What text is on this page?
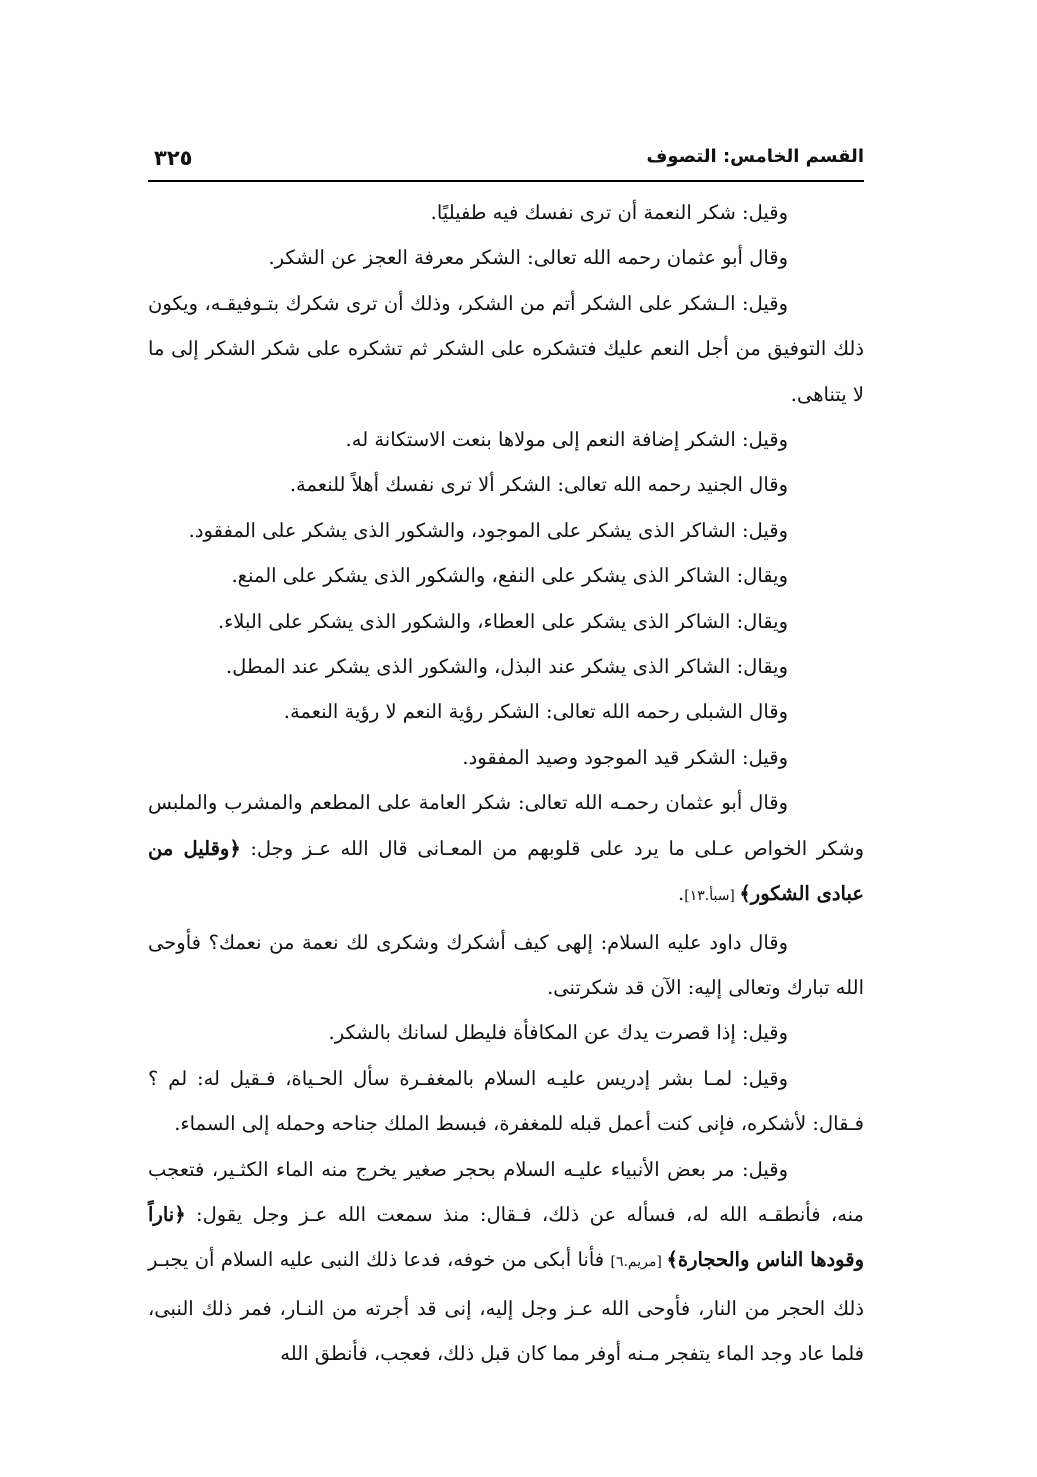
القسم الخامس: التصوف
٣٢٥

وقيل: شكر النعمة أن ترى نفسك فيه طفيليًا.

وقال أبو عثمان رحمه الله تعالى: الشكر معرفة العجز عن الشكر.

وقيل: الـشكر على الشكر أتم من الشكر، وذلك أن ترى شكرك بتـوفيقـه، ويكون ذلك التوفيق من أجل النعم عليك فتشكره على الشكر ثم تشكره على شكر الشكر إلى ما لا يتناهى.

وقيل: الشكر إضافة النعم إلى مولاها بنعت الاستكانة له.

وقال الجنيد رحمه الله تعالى: الشكر ألا ترى نفسك أهلاً للنعمة.

وقيل: الشاكر الذى يشكر على الموجود، والشكور الذى يشكر على المفقود.

ويقال: الشاكر الذى يشكر على النفع، والشكور الذى يشكر على المنع.

ويقال: الشاكر الذى يشكر على العطاء، والشكور الذى يشكر على البلاء.

ويقال: الشاكر الذى يشكر عند البذل، والشكور الذى يشكر عند المطل.

وقال الشبلى رحمه الله تعالى: الشكر رؤية النعم لا رؤية النعمة.

وقيل: الشكر قيد الموجود وصيد المفقود.

وقال أبو عثمان رحمـه الله تعالى: شكر العامة على المطعم والمشرب والملبس وشكر الخواص عـلى ما يرد على قلوبهم من المعـانى قال الله عـز وجل: ﴿وقليل من عبادى الشكور﴾ [سبأ.١٣].

وقال داود عليه السلام: إلهى كيف أشكرك وشكرى لك نعمة من نعمك؟ فأوحى الله تبارك وتعالى إليه: الآن قد شكرتنى.

وقيل: إذا قصرت يدك عن المكافأة فليطل لسانك بالشكر.

وقيل: لمـا بشر إدريس عليـه السلام بالمغفـرة سأل الحـياة، فـقيل له: لم ؟ فـقال: لأشكره، فإنى كنت أعمل قبله للمغفرة، فبسط الملك جناحه وحمله إلى السماء.

وقيل: مر بعض الأنبياء عليـه السلام بحجر صغير يخرج منه الماء الكثـير، فتعجب منه، فأنطقـه الله له، فسأله عن ذلك، فـقال: منذ سمعت الله عـز وجل يقول: ﴿ناراً وقودها الناس والحجارة﴾ [مريم.٦] فأنا أبكى من خوفه، فدعا ذلك النبى عليه السلام أن يجبـر ذلك الحجر من النار، فأوحى الله عـز وجل إليه، إنى قد أجرته من النـار، فمر ذلك النبى، فلما عاد وجد الماء يتفجر مـنه أوفر مما كان قبل ذلك، فعجب، فأنطق الله
